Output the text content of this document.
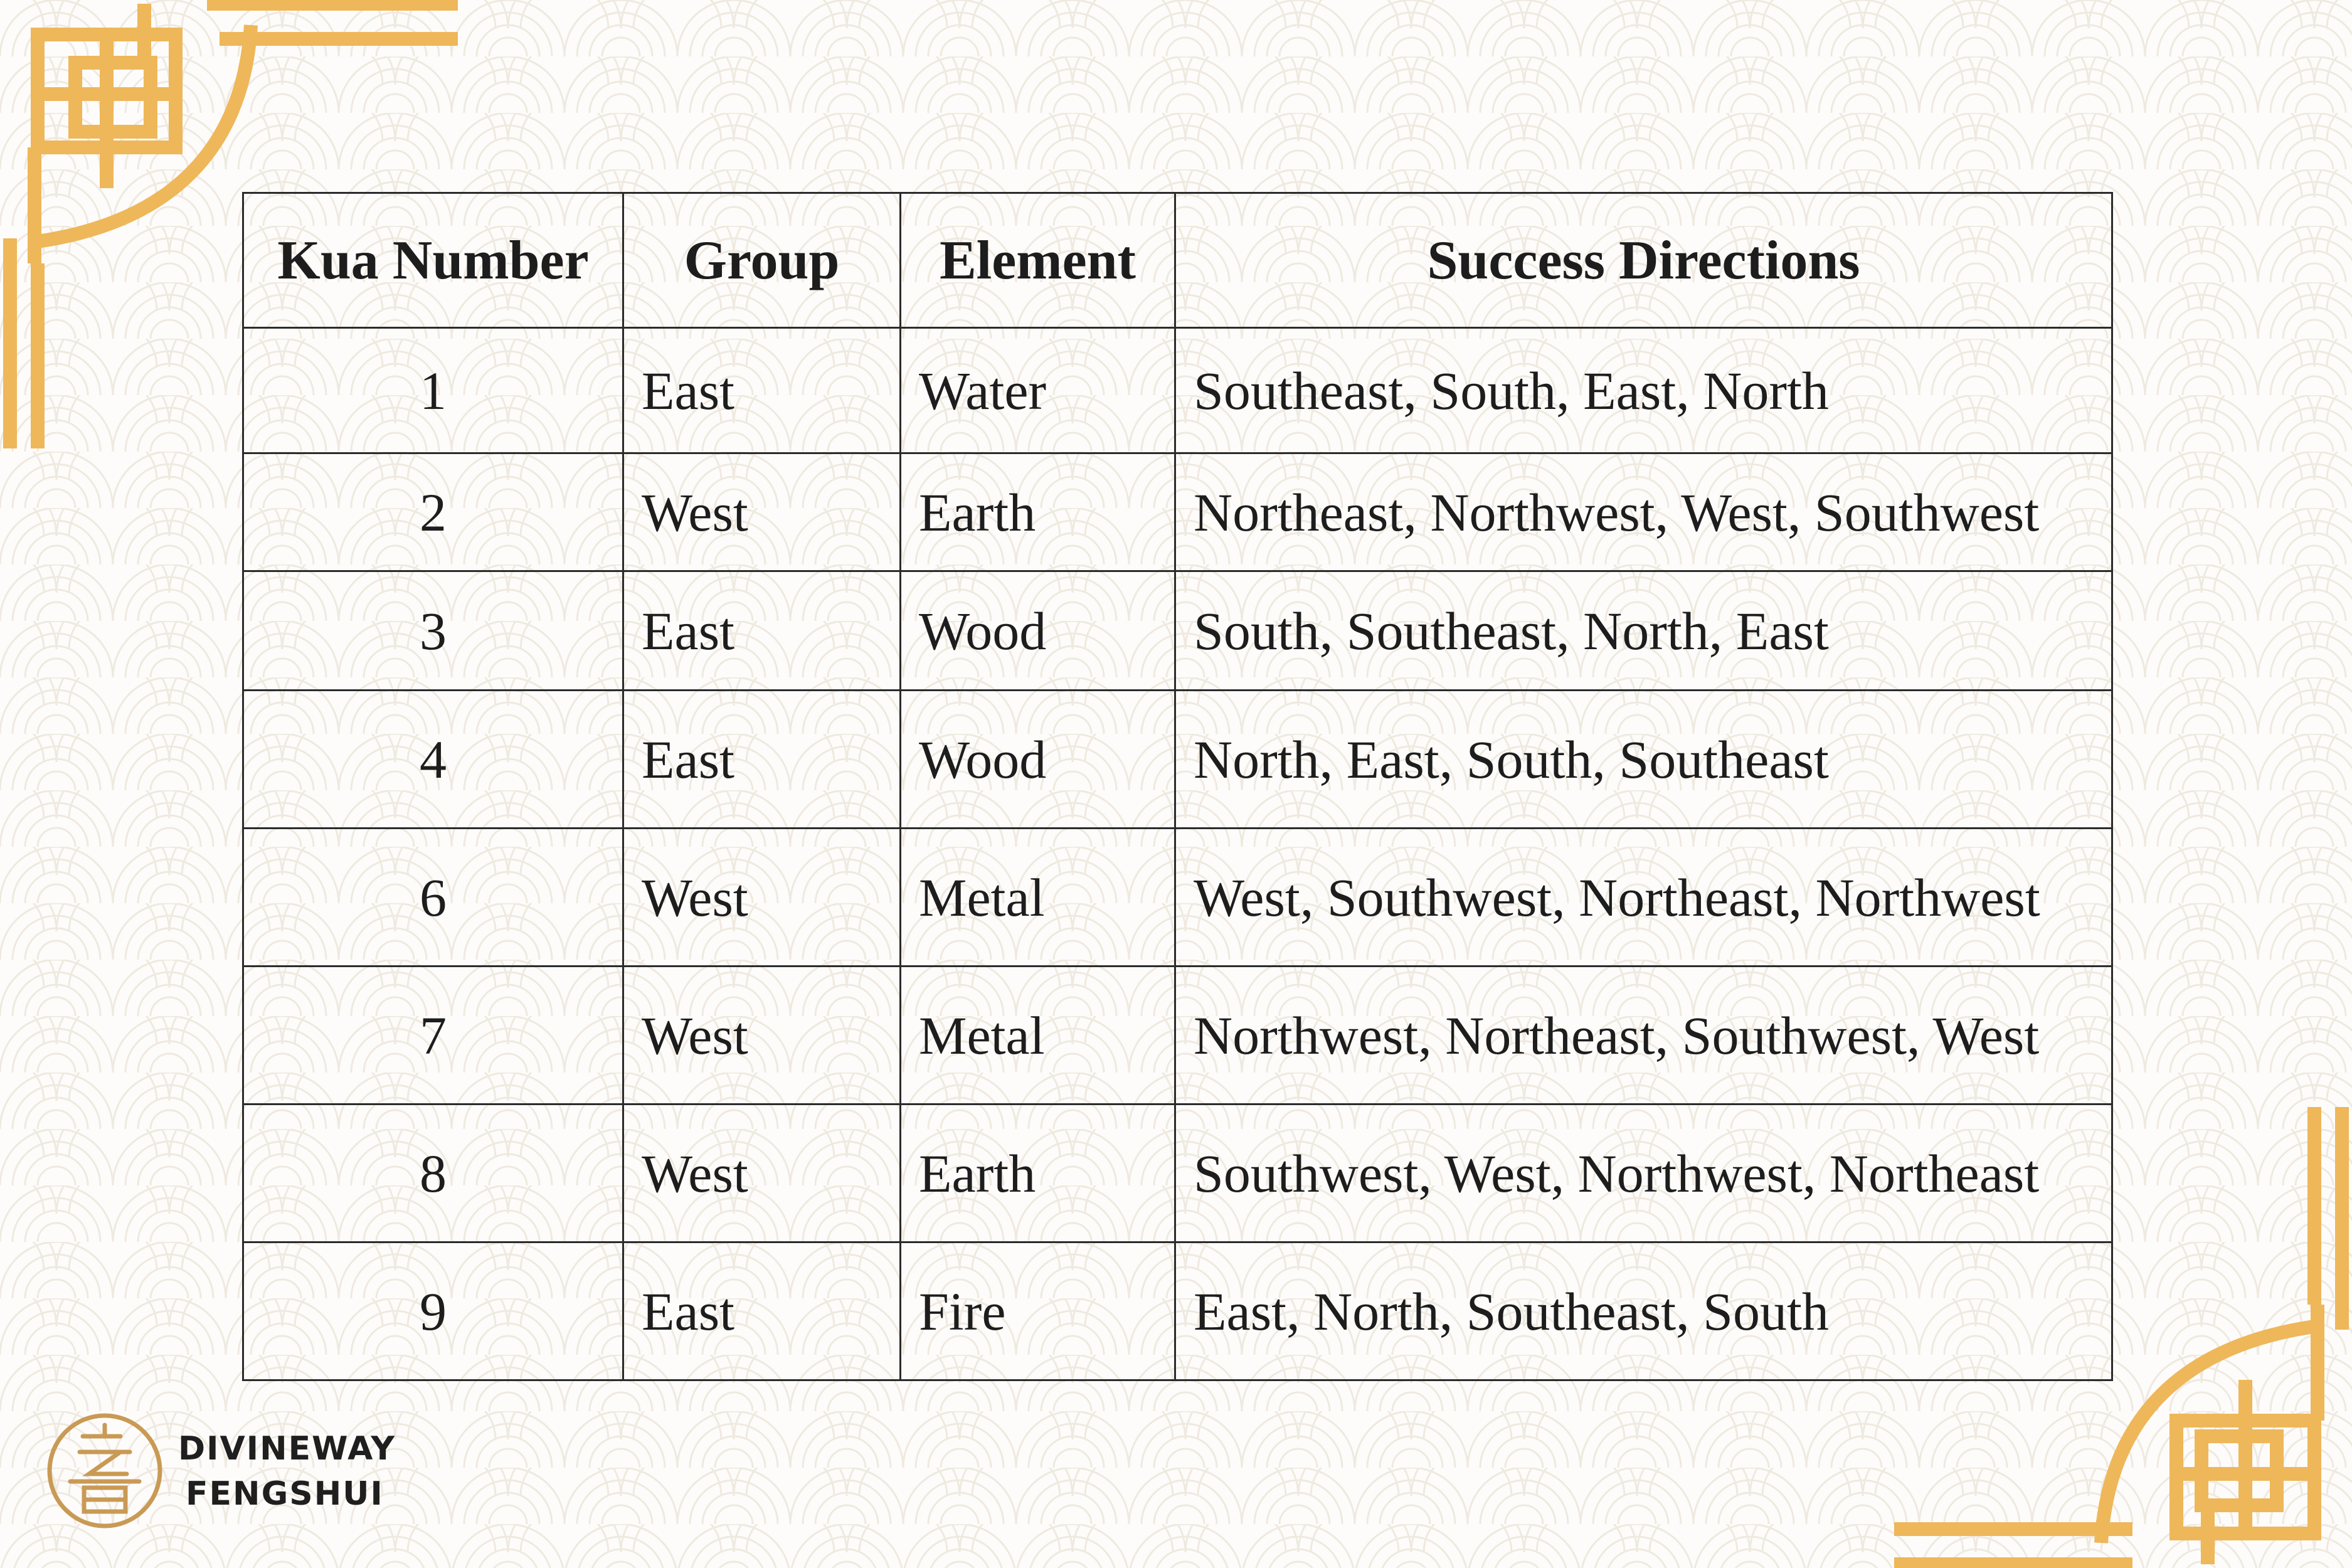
Kua Number	Group	Element	Success Directions
1	East	Water	Southeast, South, East, North
2	West	Earth	Northeast, Northwest, West, Southwest
3	East	Wood	South, Southeast, North, East
4	East	Wood	North, East, South, Southeast
6	West	Metal	West, Southwest, Northeast, Northwest
7	West	Metal	Northwest, Northeast, Southwest, West
8	West	Earth	Southwest, West, Northwest, Northeast
9	East	Fire	East, North, Southeast, South
DIVINEWAY
FENGSHUI
